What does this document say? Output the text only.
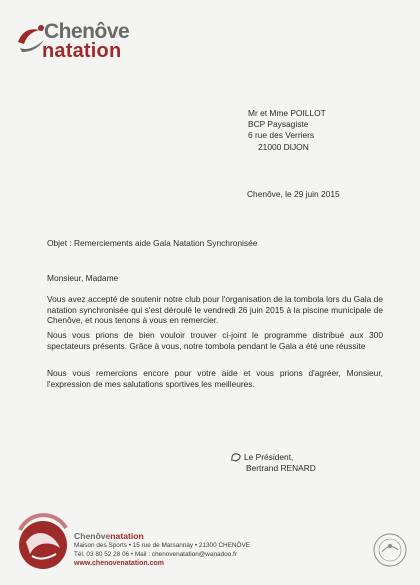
Chenôve
natation
Mr et Mme POILLOT
BCP Paysagiste
6 rue des Verriers
21000 DIJON
Chenôve, le 29 juin 2015
Objet : Remerciements aide Gala Natation Synchronisée
Monsieur, Madame
Vous avez accepté de soutenir notre club pour l'organisation de la tombola lors du Gala de natation synchronisée qui s'est déroulé le vendredi 26 juin 2015 à la piscine municipale de Chenôve, et nous tenons à vous en remercier.
Nous vous prions de bien vouloir trouver ci-joint le programme distribué aux 300 spectateurs présents. Grâce à vous, notre tombola pendant le Gala a été une réussite
Nous vous remercions encore pour votre aide et vous prions d'agréer, Monsieur, l'expression de mes salutations sportives les meilleures.
Le Président,
Bertrand RENARD
Chenôvenatation
Maison des Sports • 15 rue de Marsannay • 21300 CHENÔVE
Tél. 03 80 52 28 06 • Mail : chenovenatation@wanadoo.fr
www.chenovenatation.com
